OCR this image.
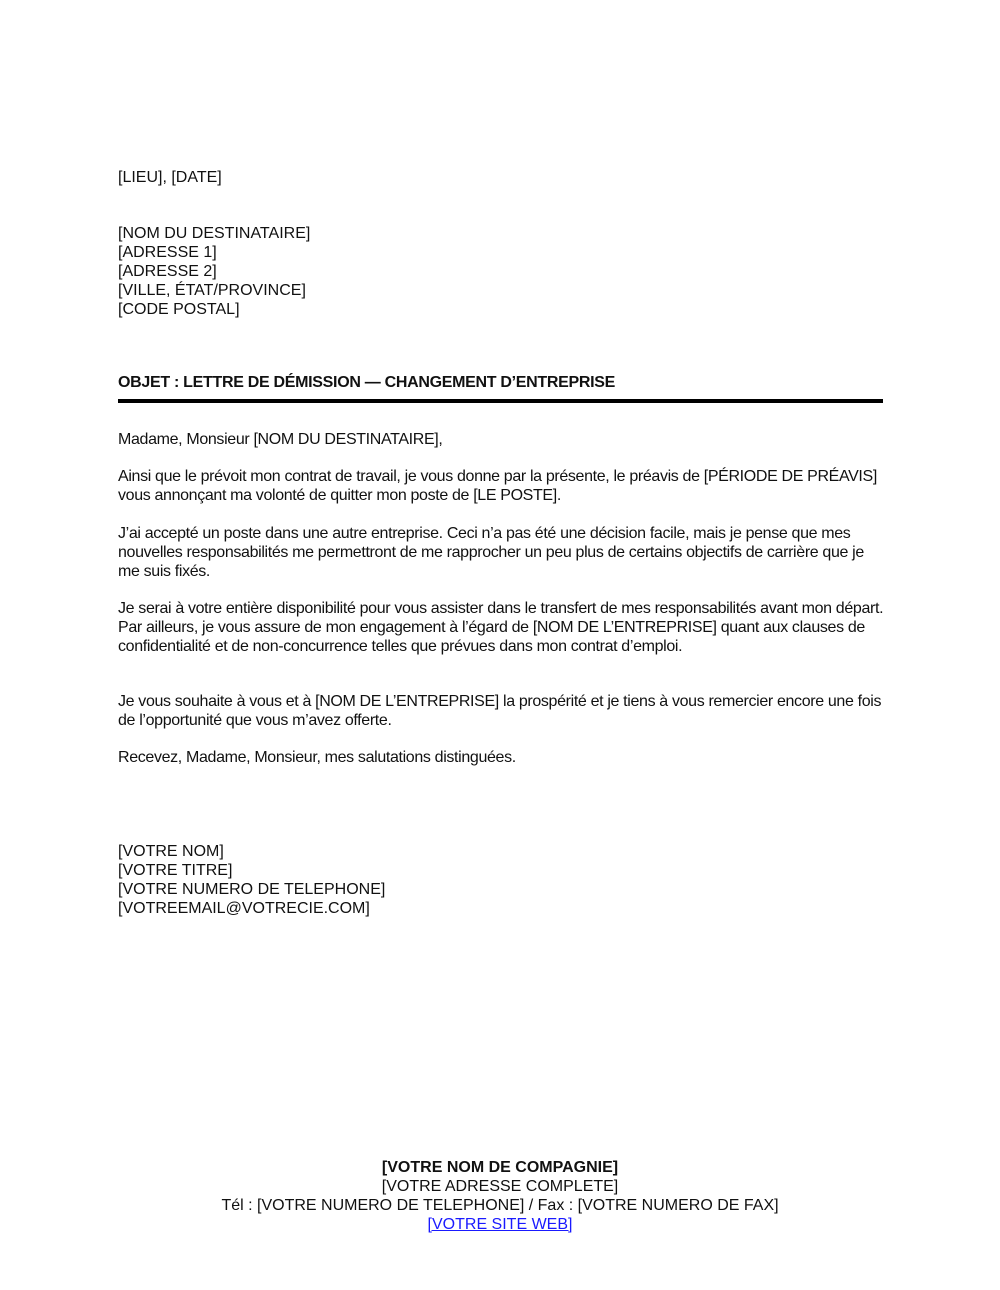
[LIEU], [DATE]
[NOM DU DESTINATAIRE]
[ADRESSE 1]
[ADRESSE 2]
[VILLE, ÉTAT/PROVINCE]
[CODE POSTAL]
OBJET : LETTRE DE DÉMISSION — CHANGEMENT D’ENTREPRISE
Madame, Monsieur [NOM DU DESTINATAIRE],
Ainsi que le prévoit mon contrat de travail, je vous donne par la présente, le préavis de [PÉRIODE DE PRÉAVIS] vous annonçant ma volonté de quitter mon poste de [LE POSTE].
J’ai accepté un poste dans une autre entreprise. Ceci n’a pas été une décision facile, mais je pense que mes nouvelles responsabilités me permettront de me rapprocher un peu plus de certains objectifs de carrière que je me suis fixés.
Je serai à votre entière disponibilité pour vous assister dans le transfert de mes responsabilités avant mon départ. Par ailleurs, je vous assure de mon engagement à l’égard de [NOM DE L’ENTREPRISE] quant aux clauses de confidentialité et de non-concurrence telles que prévues dans mon contrat d’emploi.
Je vous souhaite à vous et à [NOM DE L’ENTREPRISE] la prospérité et je tiens à vous remercier encore une fois de l’opportunité que vous m’avez offerte.
Recevez, Madame, Monsieur, mes salutations distinguées.
[VOTRE NOM]
[VOTRE TITRE]
[VOTRE NUMERO DE TELEPHONE]
[VOTREEMAIL@VOTRECIE.COM]
[VOTRE NOM DE COMPAGNIE]
[VOTRE ADRESSE COMPLETE]
Tél : [VOTRE NUMERO DE TELEPHONE] / Fax : [VOTRE NUMERO DE FAX]
[VOTRE SITE WEB]
